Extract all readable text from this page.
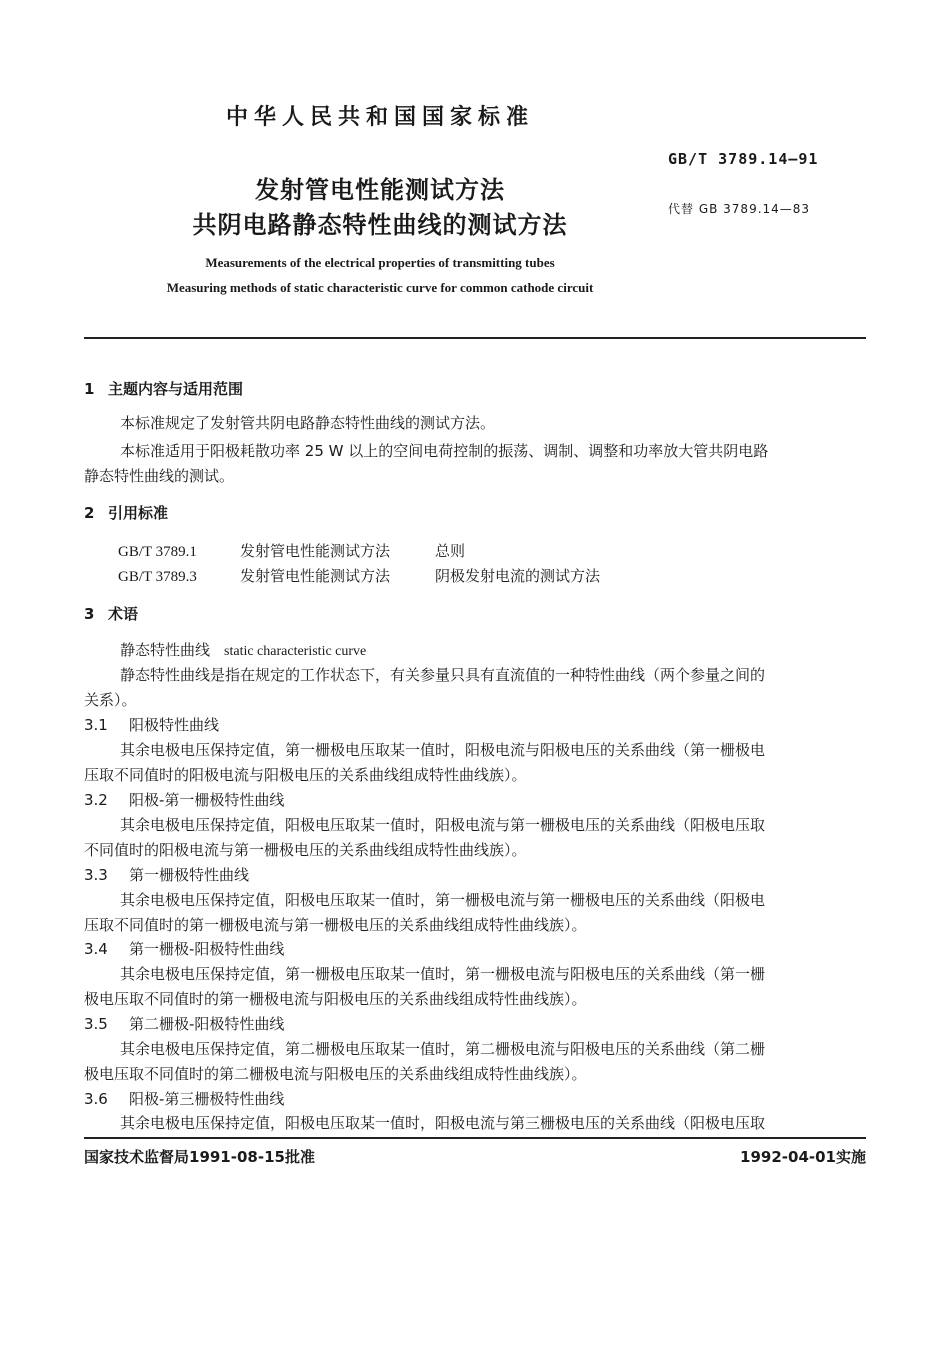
中华人民共和国国家标准
GB/T 3789.14—91
代替 GB 3789.14—83
发射管电性能测试方法
共阴电路静态特性曲线的测试方法
Measurements of the electrical properties of transmitting tubes
Measuring methods of static characteristic curve for common cathode circuit
1 主题内容与适用范围
本标准规定了发射管共阴电路静态特性曲线的测试方法。
本标准适用于阳极耗散功率 25 W 以上的空间电荷控制的振荡、调制、调整和功率放大管共阴电路
静态特性曲线的测试。
2 引用标准
GB/T 3789.1	发射管电性能测试方法	总则
GB/T 3789.3	发射管电性能测试方法	阴极发射电流的测试方法
3 术语
静态特性曲线 static characteristic curve
静态特性曲线是指在规定的工作状态下，有关参量只具有直流值的一种特性曲线（两个参量之间的
关系）。
3.1 阳极特性曲线
其余电极电压保持定值，第一栅极电压取某一值时，阳极电流与阳极电压的关系曲线（第一栅极电
压取不同值时的阳极电流与阳极电压的关系曲线组成特性曲线族）。
3.2 阳极-第一栅极特性曲线
其余电极电压保持定值，阳极电压取某一值时，阳极电流与第一栅极电压的关系曲线（阳极电压取
不同值时的阳极电流与第一栅极电压的关系曲线组成特性曲线族）。
3.3 第一栅极特性曲线
其余电极电压保持定值，阳极电压取某一值时，第一栅极电流与第一栅极电压的关系曲线（阳极电
压取不同值时的第一栅极电流与第一栅极电压的关系曲线组成特性曲线族）。
3.4 第一栅极-阳极特性曲线
其余电极电压保持定值，第一栅极电压取某一值时，第一栅极电流与阳极电压的关系曲线（第一栅
极电压取不同值时的第一栅极电流与阳极电压的关系曲线组成特性曲线族）。
3.5 第二栅极-阳极特性曲线
其余电极电压保持定值，第二栅极电压取某一值时，第二栅极电流与阳极电压的关系曲线（第二栅
极电压取不同值时的第二栅极电流与阳极电压的关系曲线组成特性曲线族）。
3.6 阳极-第三栅极特性曲线
其余电极电压保持定值，阳极电压取某一值时，阳极电流与第三栅极电压的关系曲线（阳极电压取
国家技术监督局1991-08-15批准	1992-04-01实施
